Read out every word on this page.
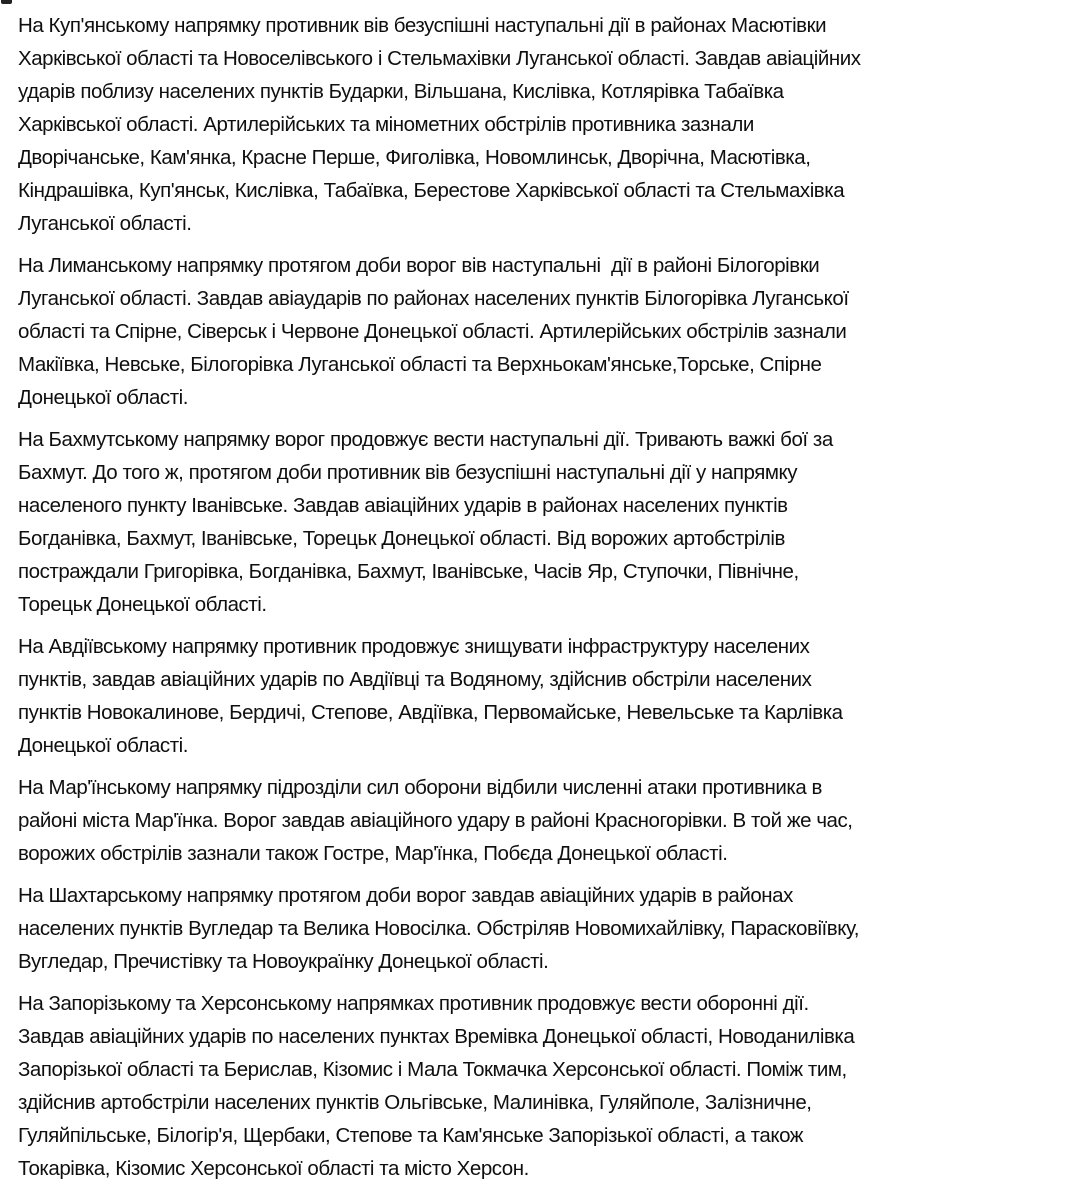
На Куп'янському напрямку противник вів безуспішні наступальні дії в районах Масютівки
Харківської області та Новоселівського і Стельмахівки Луганської області. Завдав авіаційних
ударів поблизу населених пунктів Бударки, Вільшана, Кислівка, Котлярівка Табаївка
Харківської області. Артилерійських та мінометних обстрілів противника зазнали
Дворічанське, Кам'янка, Красне Перше, Фиголівка, Новомлинськ, Дворічна, Масютівка,
Кіндрашівка, Куп'янськ, Кислівка, Табаївка, Берестове Харківської області та Стельмахівка
Луганської області.

На Лиманському напрямку протягом доби ворог вів наступальні  дії в районі Білогорівки
Луганської області. Завдав авіаударів по районах населених пунктів Білогорівка Луганської
області та Спірне, Сіверськ і Червоне Донецької області. Артилерійських обстрілів зазнали
Макіївка, Невське, Білогорівка Луганської області та Верхньокам'янське,Торське, Спірне
Донецької області.

На Бахмутському напрямку ворог продовжує вести наступальні дії. Тривають важкі бої за
Бахмут. До того ж, протягом доби противник вів безуспішні наступальні дії у напрямку
населеного пункту Іванівське. Завдав авіаційних ударів в районах населених пунктів
Богданівка, Бахмут, Іванівське, Торецьк Донецької області. Від ворожих артобстрілів
постраждали Григорівка, Богданівка, Бахмут, Іванівське, Часів Яр, Ступочки, Північне,
Торецьк Донецької області.

На Авдіївському напрямку противник продовжує знищувати інфраструктуру населених
пунктів, завдав авіаційних ударів по Авдіївці та Водяному, здійснив обстріли населених
пунктів Новокалинове, Бердичі, Степове, Авдіївка, Первомайське, Невельське та Карлівка
Донецької області.

На Мар'їнському напрямку підрозділи сил оборони відбили численні атаки противника в
районі міста Мар'їнка. Ворог завдав авіаційного удару в районі Красногорівки. В той же час,
ворожих обстрілів зазнали також Гостре, Мар'їнка, Побєда Донецької області.

На Шахтарському напрямку протягом доби ворог завдав авіаційних ударів в районах
населених пунктів Вугледар та Велика Новосілка. Обстріляв Новомихайлівку, Парасковіївку,
Вугледар, Пречистівку та Новоукраїнку Донецької області.

На Запорізькому та Херсонському напрямках противник продовжує вести оборонні дії.
Завдав авіаційних ударів по населених пунктах Времівка Донецької області, Новоданилівка
Запорізької області та Берислав, Кізомис і Мала Токмачка Херсонської області. Поміж тим,
здійснив артобстріли населених пунктів Ольгівське, Малинівка, Гуляйполе, Залізничне,
Гуляйпільське, Білогір'я, Щербаки, Степове та Кам'янське Запорізької області, а також
Токарівка, Кізомис Херсонської області та місто Херсон.
